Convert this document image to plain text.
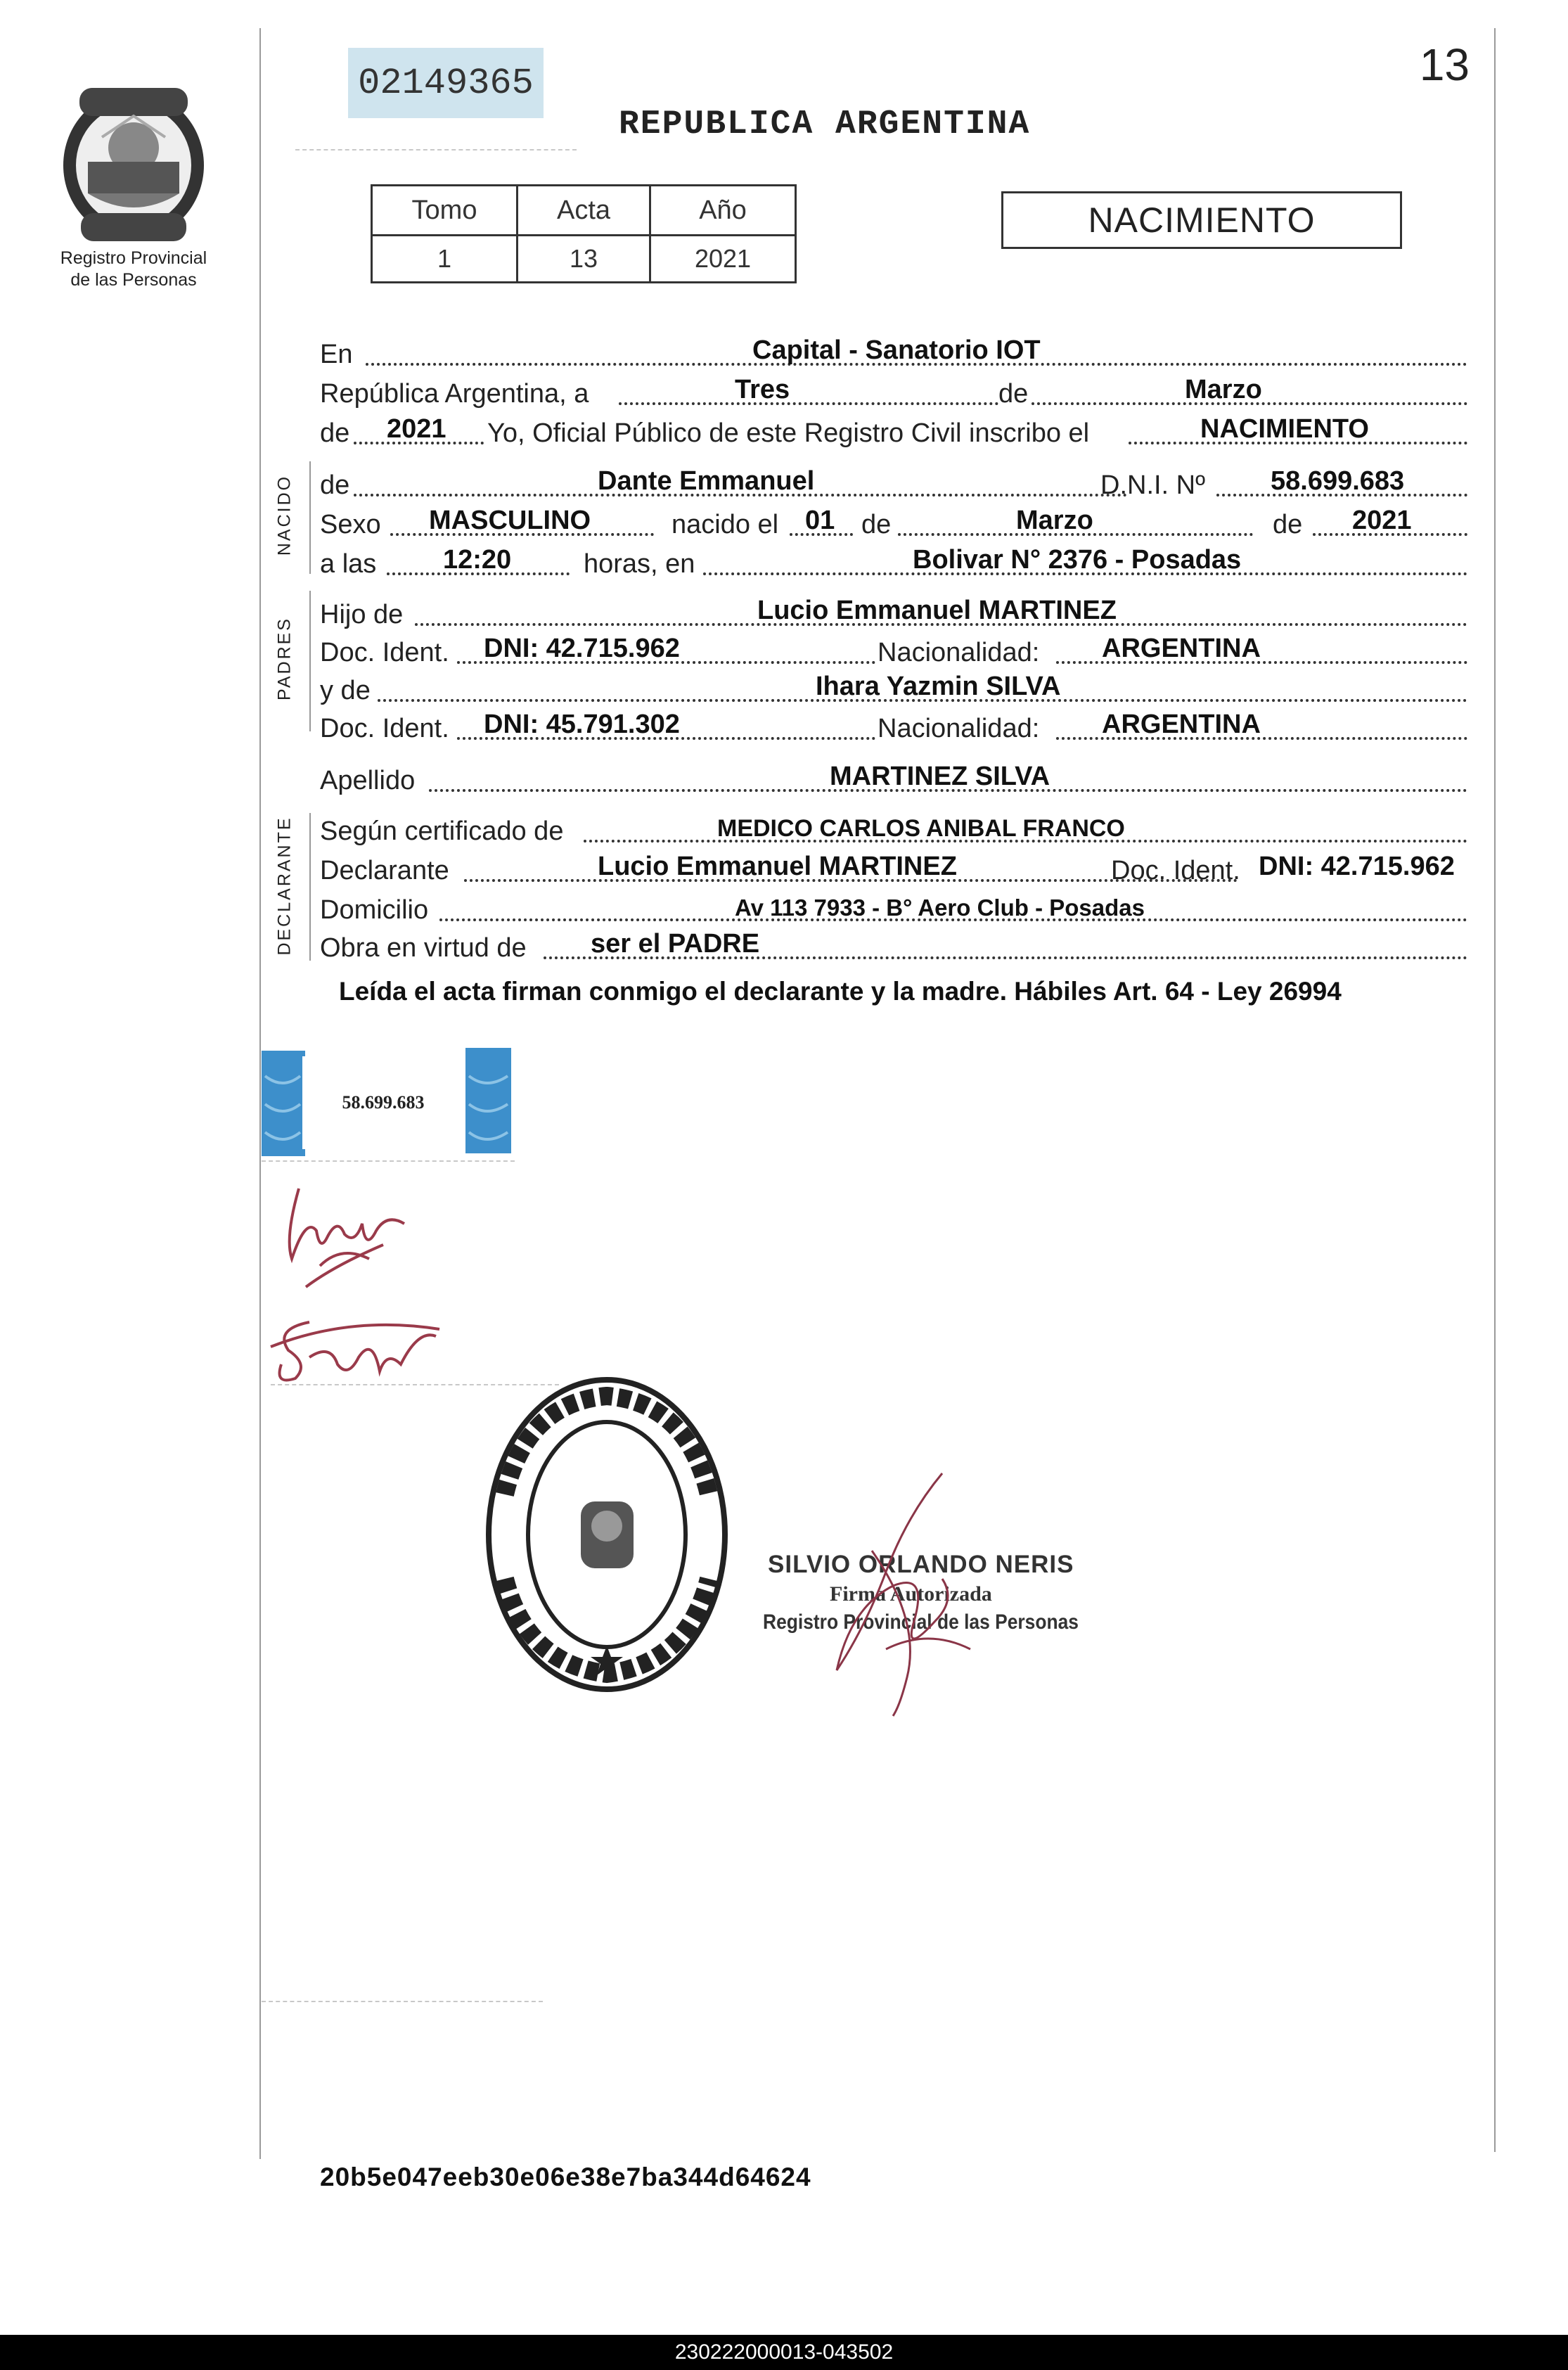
02149365	13
REPUBLICA ARGENTINA
Registro Provincial
de las Personas
Tomo	Acta	Año
1	13	2021
NACIMIENTO
En	Capital - Sanatorio IOT
República Argentina, a	Tres	de	Marzo
de 2021 Yo, Oficial Público de este Registro Civil inscribo el	NACIMIENTO
NACIDO de	Dante Emmanuel	D.N.I. Nº 58.699.683
Sexo MASCULINO	nacido el 01 de	Marzo	de 2021
a las 12:20	horas, en	Bolivar N° 2376 - Posadas
PADRES
Hijo de	Lucio Emmanuel MARTINEZ
Doc. Ident. DNI: 42.715.962	Nacionalidad: ARGENTINA
y de	Ihara Yazmin SILVA
Doc. Ident. DNI: 45.791.302	Nacionalidad: ARGENTINA
Apellido	MARTINEZ SILVA
DECLARANTE Según certificado de	MEDICO CARLOS ANIBAL FRANCO
Declarante	Lucio Emmanuel MARTINEZ	Doc. Ident. DNI: 42.715.962
Domicilio	Av 113 7933 - B° Aero Club - Posadas
Obra en virtud de ser el PADRE
Leída el acta firman conmigo el declarante y la madre. Hábiles Art. 64 - Ley 26994
58.699.683
SILVIO ORLANDO NERIS
Firma Autorizada
Registro Provincial de las Personas
20b5e047eeb30e06e38e7ba344d64624
230222000013-043502
